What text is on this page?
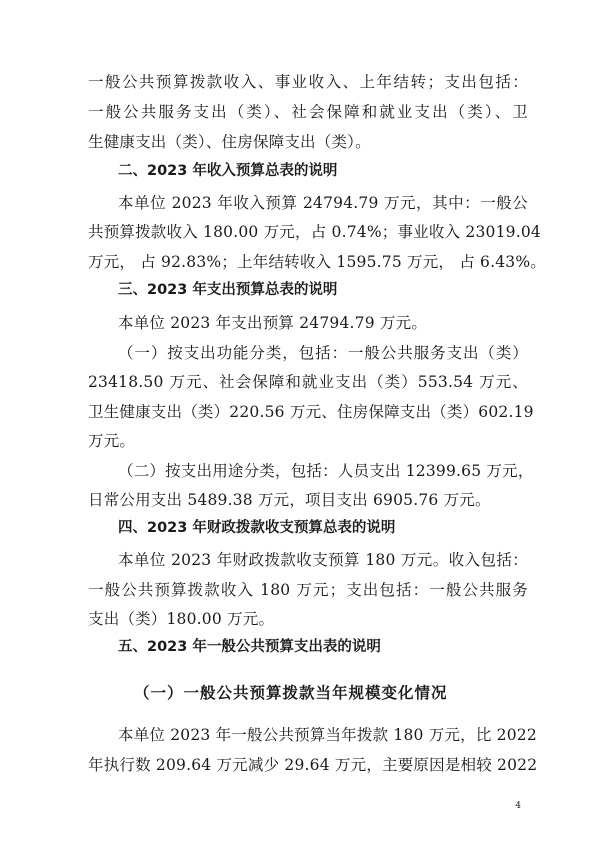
一般公共预算拨款收入、事业收入、上年结转；支出包括：
一般公共服务支出（类）、社会保障和就业支出（类）、卫
生健康支出（类）、住房保障支出（类）。
二、2023 年收入预算总表的说明
本单位 2023 年收入预算 24794.79 万元，其中：一般公
共预算拨款收入 180.00 万元，占 0.74%；事业收入 23019.04
万元， 占 92.83%；上年结转收入 1595.75 万元， 占 6.43%。
三、2023 年支出预算总表的说明
本单位 2023 年支出预算 24794.79 万元。
（一）按支出功能分类，包括：一般公共服务支出（类）
23418.50 万元、社会保障和就业支出（类）553.54 万元、
卫生健康支出（类）220.56 万元、住房保障支出（类）602.19
万元。
（二）按支出用途分类，包括：人员支出 12399.65 万元，
日常公用支出 5489.38 万元，项目支出 6905.76 万元。
四、2023 年财政拨款收支预算总表的说明
本单位 2023 年财政拨款收支预算 180 万元。收入包括：
一般公共预算拨款收入 180 万元；支出包括：一般公共服务
支出（类）180.00 万元。
五、2023 年一般公共预算支出表的说明
（一）一般公共预算拨款当年规模变化情况
本单位 2023 年一般公共预算当年拨款 180 万元，比 2022
年执行数 209.64 万元减少 29.64 万元，主要原因是相较 2022
4
